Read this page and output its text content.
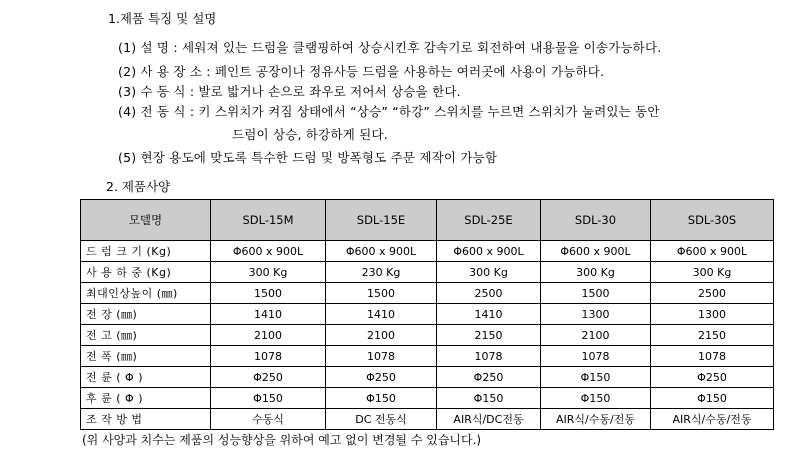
1.제품 특징 및 설명
(1) 설 명 : 세워져 있는 드럼을 클램핑하여 상승시킨후 감속기로 회전하여 내용물을 이송가능하다.
(2) 사 용 장 소 : 페인트 공장이나 정유사등 드럼을 사용하는 여러곳에 사용이 가능하다.
(3) 수 동 식 : 발로 밟거나 손으로 좌우로 저어서 상승을 한다.
(4) 전 동 식 : 키 스위치가 켜짐 상태에서 “상승” “하강” 스위치를 누르면 스위치가 눌려있는 동안
드럼이 상승, 하강하게 된다.
(5) 현장 용도에 맞도록 특수한 드럼 및 방폭형도 주문 제작이 가능함
2. 제품사양
모델명	SDL-15M	SDL-15E	SDL-25E	SDL-30	SDL-30S
드 럼 크 기 (Kg)	Φ600 x 900L	Φ600 x 900L	Φ600 x 900L	Φ600 x 900L	Φ600 x 900L
사 용 하 중 (Kg)	300 Kg	230 Kg	300 Kg	300 Kg	300 Kg
최대인상높이 (㎜)	1500	1500	2500	1500	2500
전 장 (㎜)	1410	1410	1410	1300	1300
전 고 (㎜)	2100	2100	2150	2100	2150
전 폭 (㎜)	1078	1078	1078	1078	1078
전 륜 ( Φ )	Φ250	Φ250	Φ250	Φ150	Φ250
후 륜 ( Φ )	Φ150	Φ150	Φ150	Φ150	Φ150
조 작 방 법	수동식	DC 전동식	AIR식/DC전동	AIR식/수동/전동	AIR식/수동/전동
(위 사양과 치수는 제품의 성능향상을 위하여 예고 없이 변경될 수 있습니다.)
